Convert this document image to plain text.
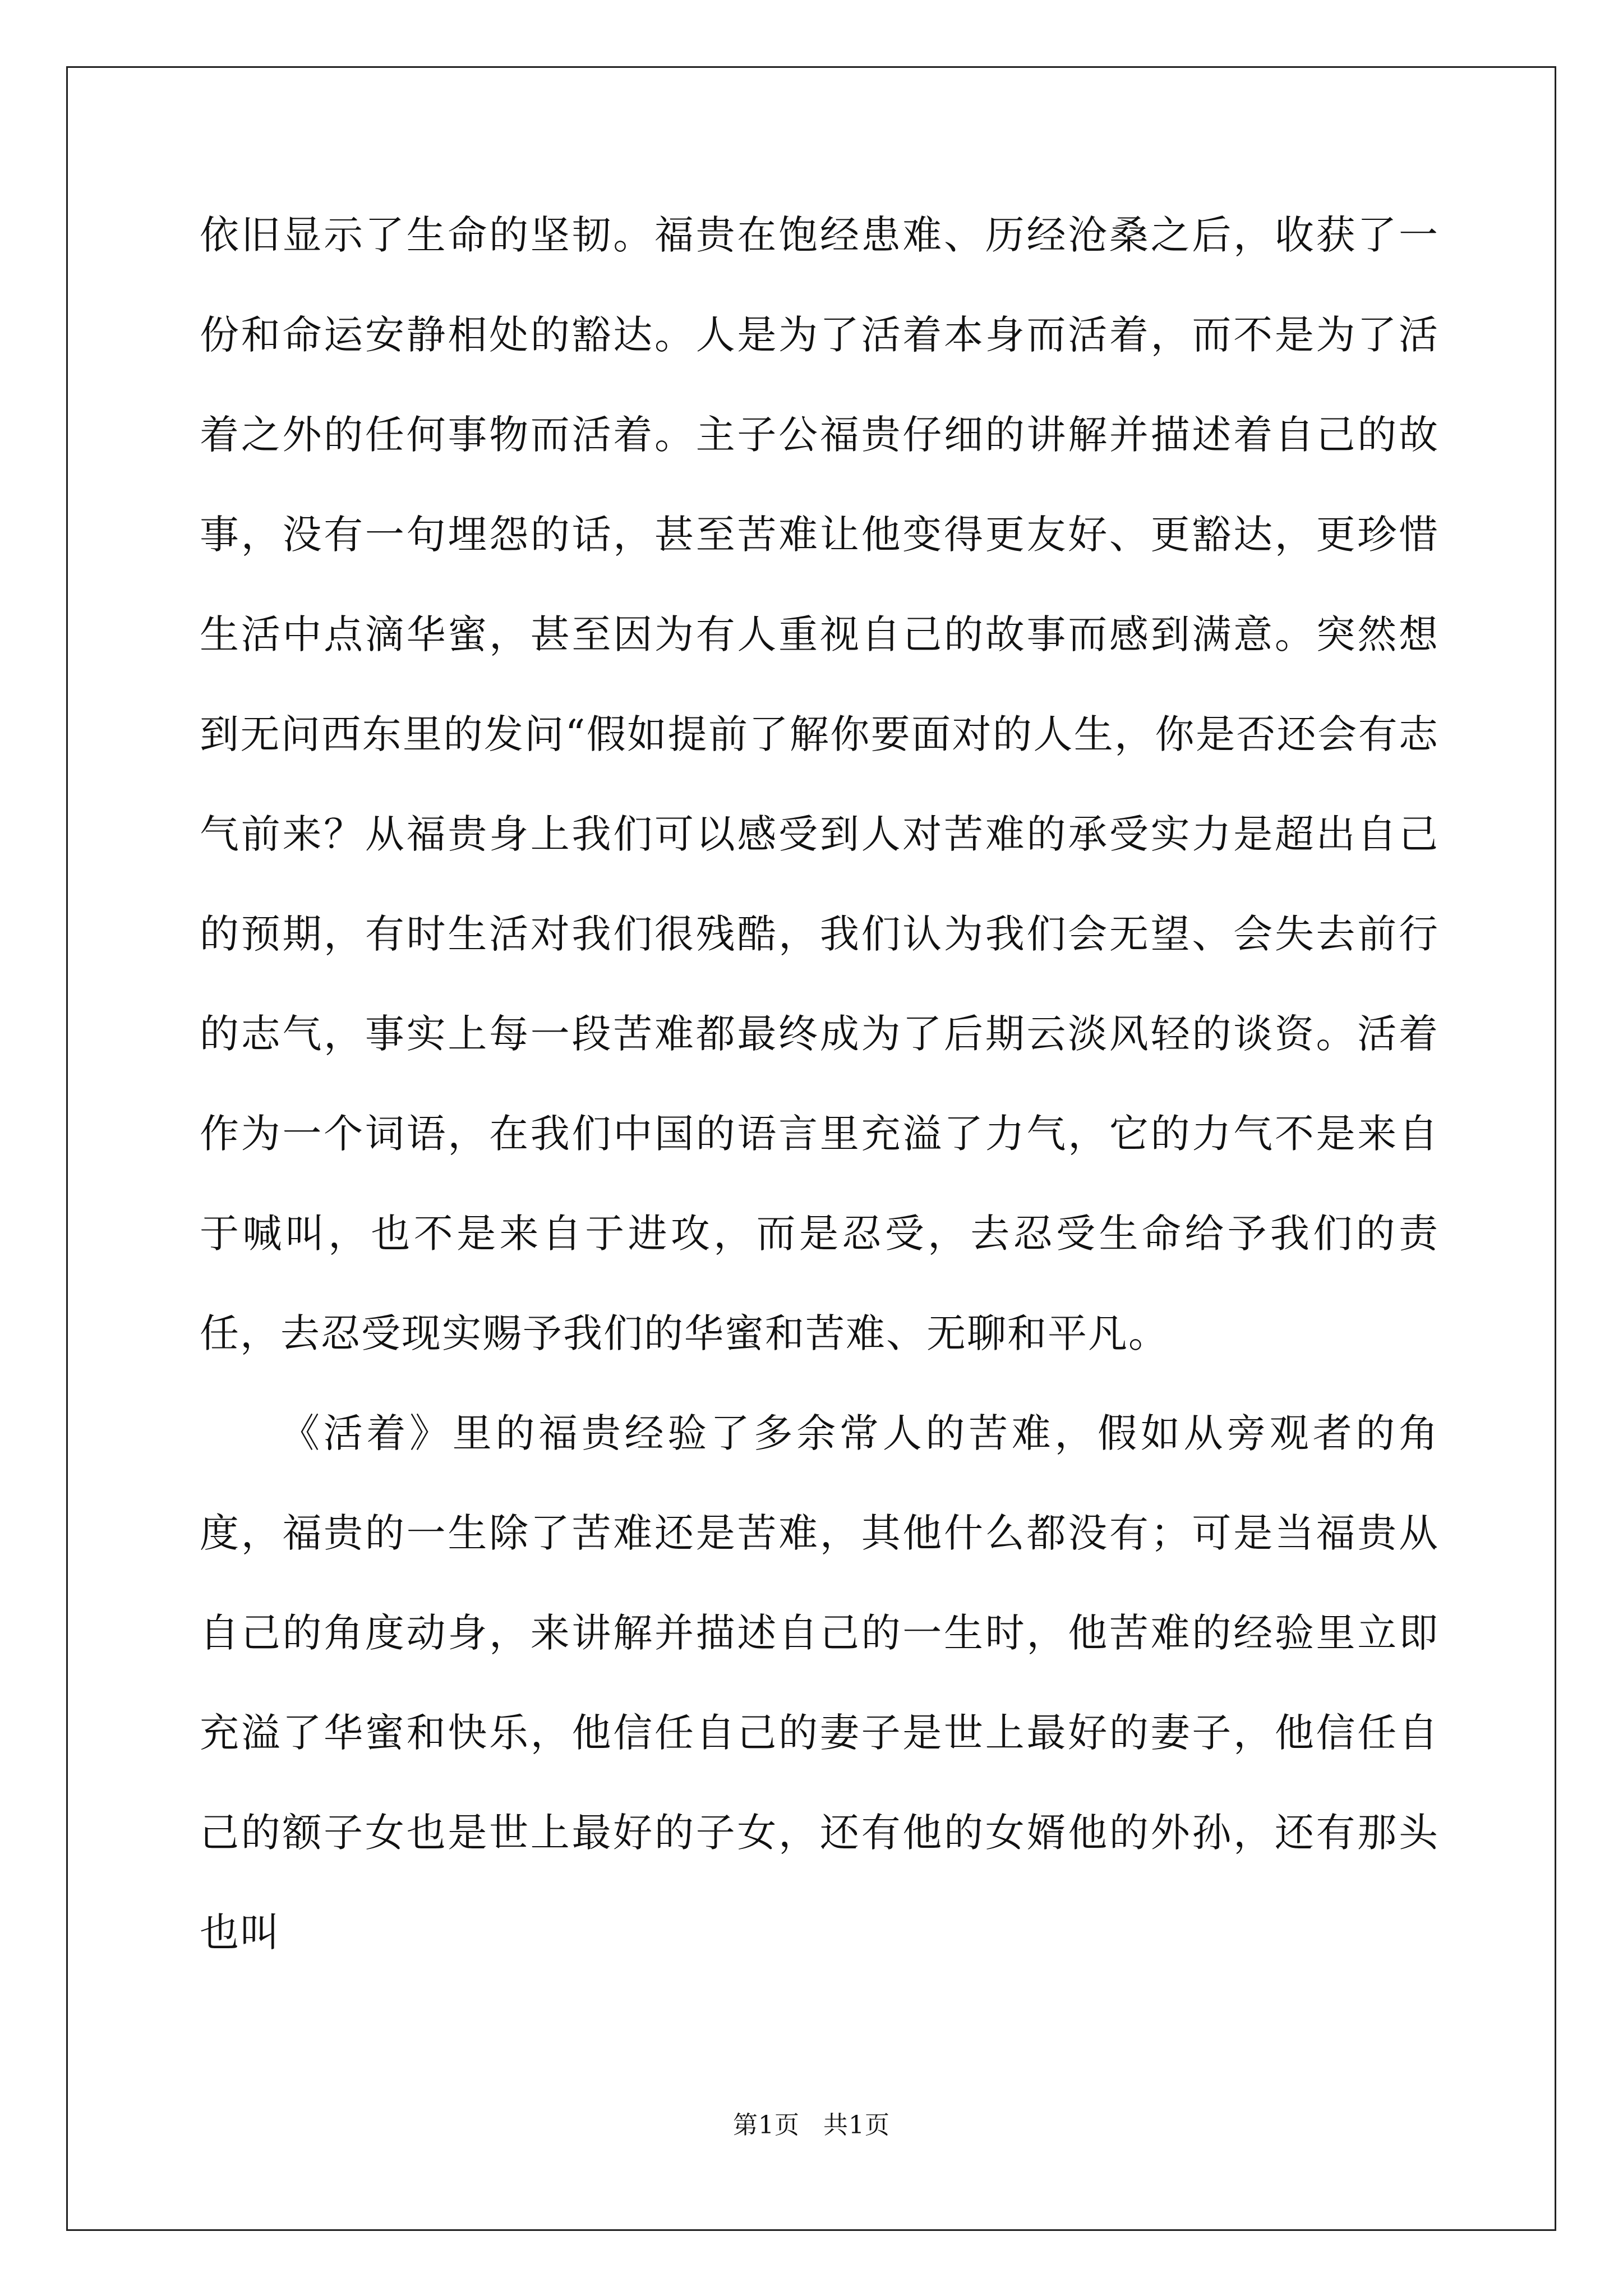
依旧显示了生命的坚韧。福贵在饱经患难、历经沧桑之后，收获了一份和命运安静相处的豁达。人是为了活着本身而活着，而不是为了活着之外的任何事物而活着。主子公福贵仔细的讲解并描述着自己的故事，没有一句埋怨的话，甚至苦难让他变得更友好、更豁达，更珍惜生活中点滴华蜜，甚至因为有人重视自己的故事而感到满意。突然想到无问西东里的发问“假如提前了解你要面对的人生，你是否还会有志气前来？从福贵身上我们可以感受到人对苦难的承受实力是超出自己的预期，有时生活对我们很残酷，我们认为我们会无望、会失去前行的志气，事实上每一段苦难都最终成为了后期云淡风轻的谈资。活着作为一个词语，在我们中国的语言里充溢了力气，它的力气不是来自于喊叫，也不是来自于进攻，而是忍受，去忍受生命给予我们的责任，去忍受现实赐予我们的华蜜和苦难、无聊和平凡。

《活着》里的福贵经验了多余常人的苦难，假如从旁观者的角度，福贵的一生除了苦难还是苦难，其他什么都没有；可是当福贵从自己的角度动身，来讲解并描述自己的一生时，他苦难的经验里立即充溢了华蜜和快乐，他信任自己的妻子是世上最好的妻子，他信任自己的额子女也是世上最好的子女，还有他的女婿他的外孙，还有那头也叫

第1页 共1页
